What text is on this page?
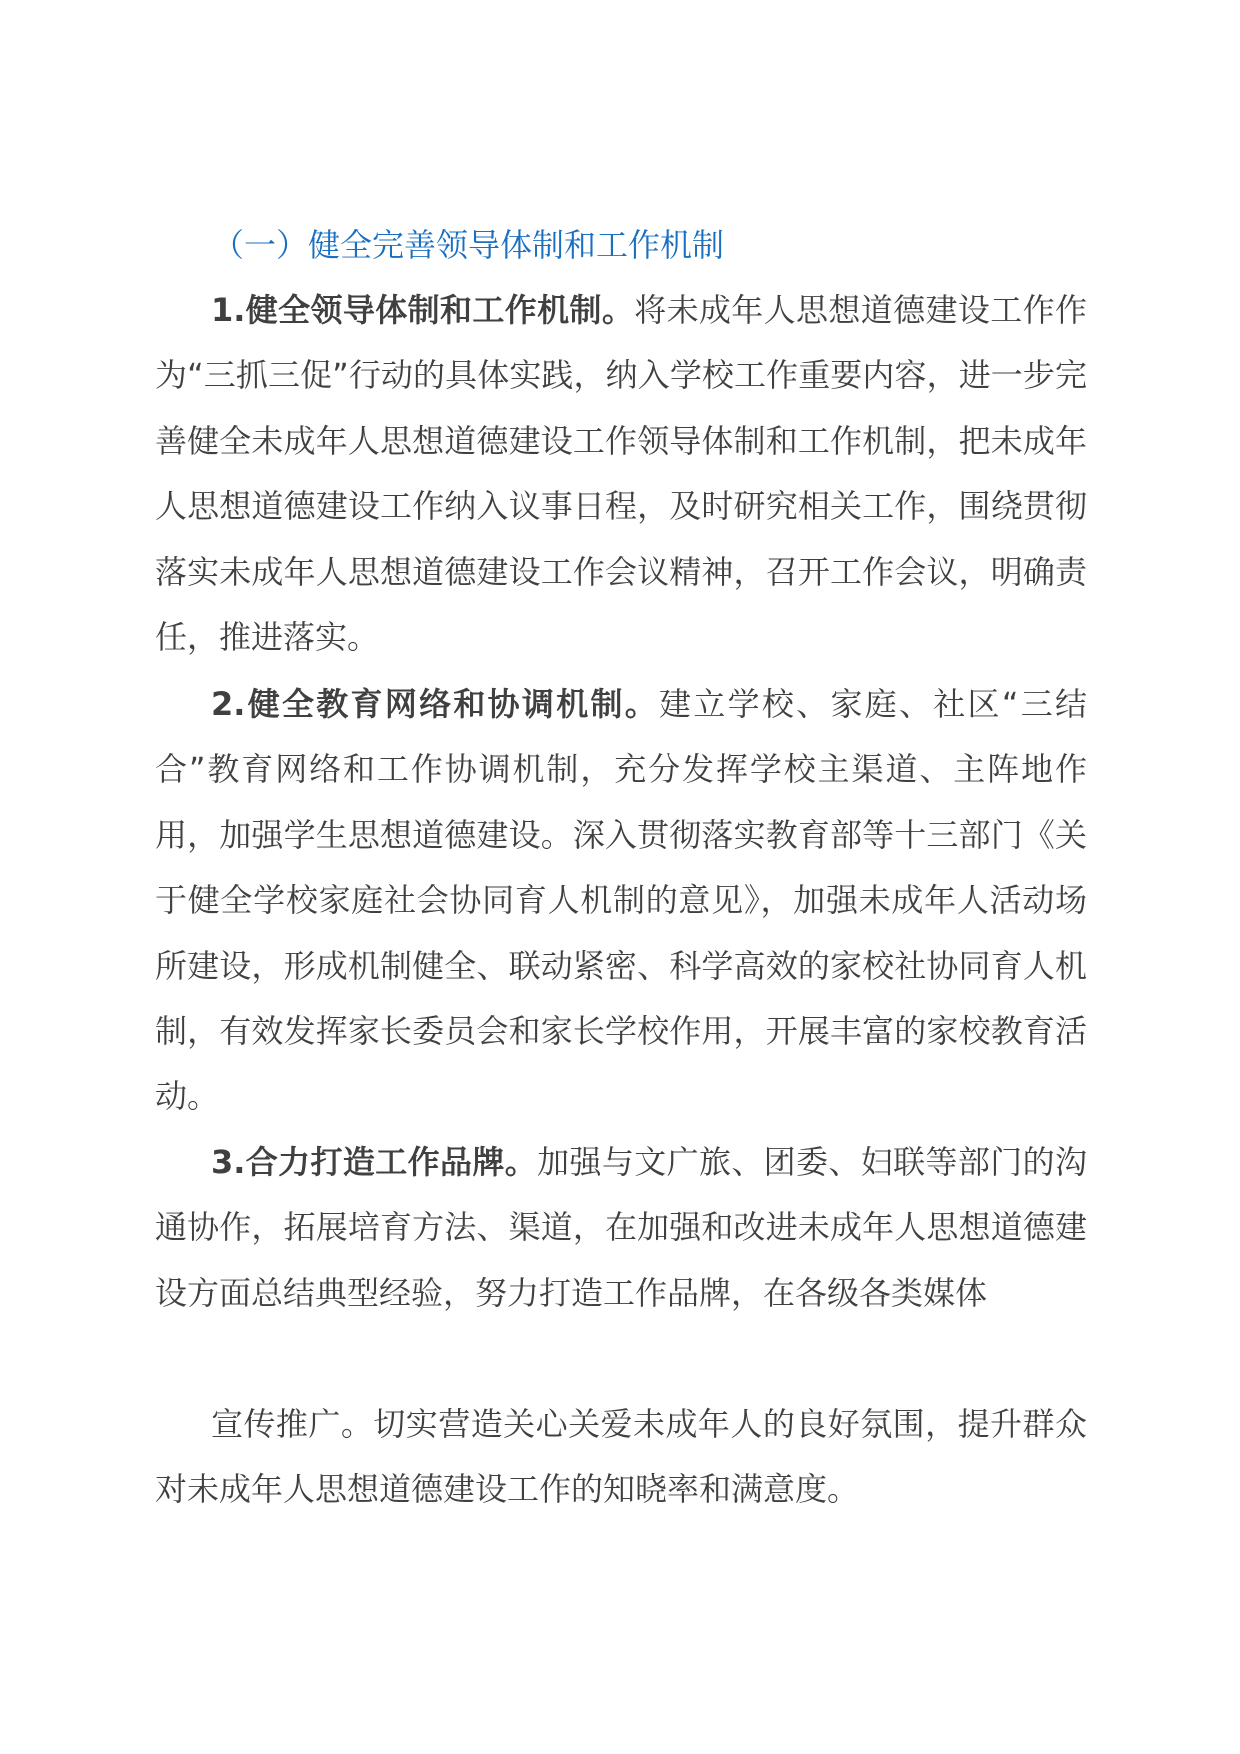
（一）健全完善领导体制和工作机制

1.健全领导体制和工作机制。将未成年人思想道德建设工作作为“三抓三促”行动的具体实践，纳入学校工作重要内容，进一步完善健全未成年人思想道德建设工作领导体制和工作机制，把未成年人思想道德建设工作纳入议事日程，及时研究相关工作，围绕贯彻落实未成年人思想道德建设工作会议精神，召开工作会议，明确责任，推进落实。

2.健全教育网络和协调机制。建立学校、家庭、社区“三结合”教育网络和工作协调机制，充分发挥学校主渠道、主阵地作用，加强学生思想道德建设。深入贯彻落实教育部等十三部门《关于健全学校家庭社会协同育人机制的意见》，加强未成年人活动场所建设，形成机制健全、联动紧密、科学高效的家校社协同育人机制，有效发挥家长委员会和家长学校作用，开展丰富的家校教育活动。

3.合力打造工作品牌。加强与文广旅、团委、妇联等部门的沟通协作，拓展培育方法、渠道，在加强和改进未成年人思想道德建设方面总结典型经验，努力打造工作品牌，在各级各类媒体

宣传推广。切实营造关心关爱未成年人的良好氛围，提升群众对未成年人思想道德建设工作的知晓率和满意度。
